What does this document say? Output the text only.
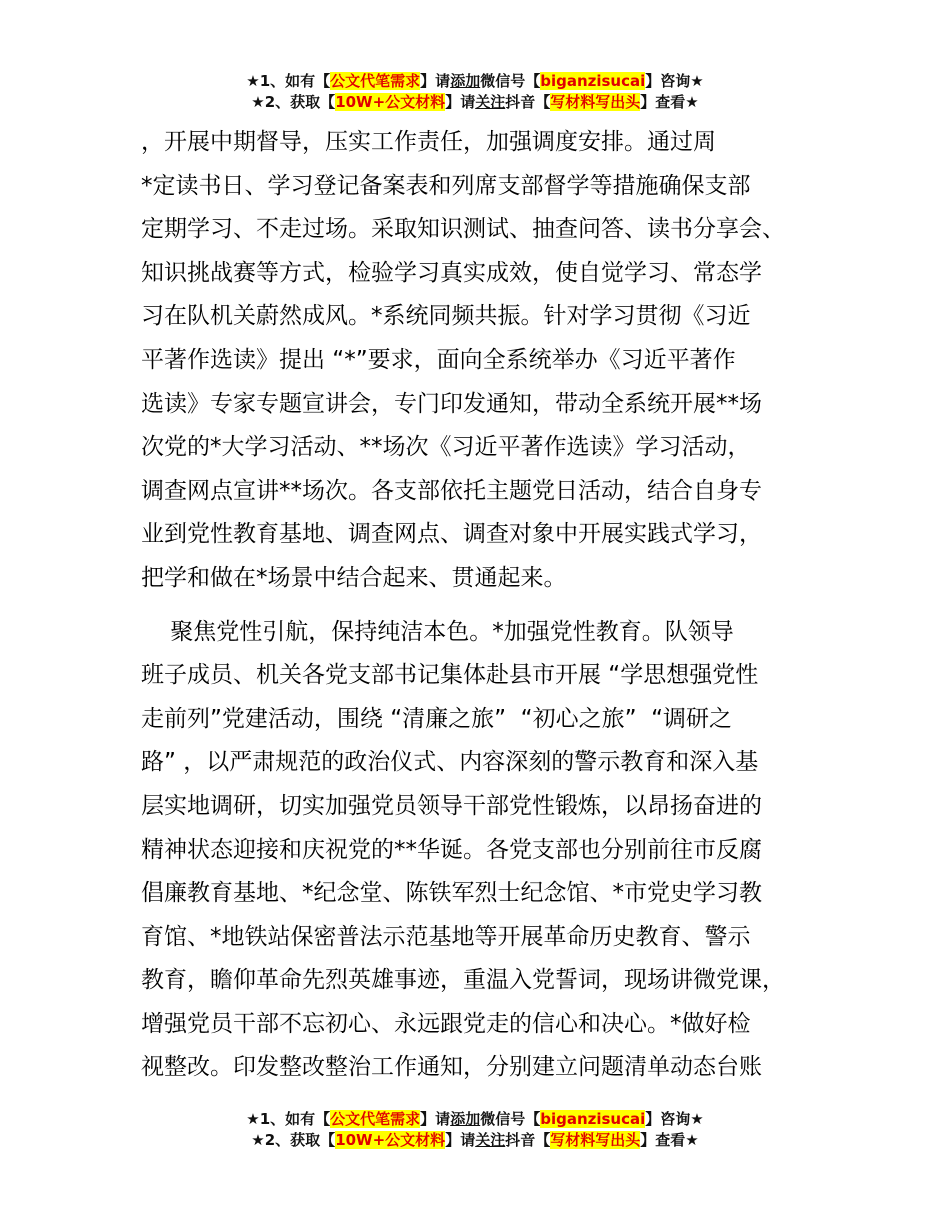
★1、如有【公文代笔需求】请添加微信号【biganzisucai】咨询★
★2、获取【10W+公文材料】请关注抖音【写材料写出头】查看★
，开展中期督导，压实工作责任，加强调度安排。通过周
*定读书日、学习登记备案表和列席支部督学等措施确保支部
定期学习、不走过场。采取知识测试、抽查问答、读书分享会、
知识挑战赛等方式，检验学习真实成效，使自觉学习、常态学
习在队机关蔚然成风。*系统同频共振。针对学习贯彻《习近
平著作选读》提出 “*”要求，面向全系统举办《习近平著作
选读》专家专题宣讲会，专门印发通知，带动全系统开展**场
次党的*大学习活动、**场次《习近平著作选读》学习活动，
调查网点宣讲**场次。各支部依托主题党日活动，结合自身专
业到党性教育基地、调查网点、调查对象中开展实践式学习，
把学和做在*场景中结合起来、贯通起来。
聚焦党性引航，保持纯洁本色。*加强党性教育。队领导
班子成员、机关各党支部书记集体赴县市开展 “学思想强党性
走前列”党建活动，围绕 “清廉之旅”  “初心之旅”  “调研之
路” ，以严肃规范的政治仪式、内容深刻的警示教育和深入基
层实地调研，切实加强党员领导干部党性锻炼，以昂扬奋进的
精神状态迎接和庆祝党的**华诞。各党支部也分别前往市反腐
倡廉教育基地、*纪念堂、陈铁军烈士纪念馆、*市党史学习教
育馆、*地铁站保密普法示范基地等开展革命历史教育、警示
教育，瞻仰革命先烈英雄事迹，重温入党誓词，现场讲微党课，
增强党员干部不忘初心、永远跟党走的信心和决心。*做好检
视整改。印发整改整治工作通知，分别建立问题清单动态台账
★1、如有【公文代笔需求】请添加微信号【biganzisucai】咨询★
★2、获取【10W+公文材料】请关注抖音【写材料写出头】查看★
